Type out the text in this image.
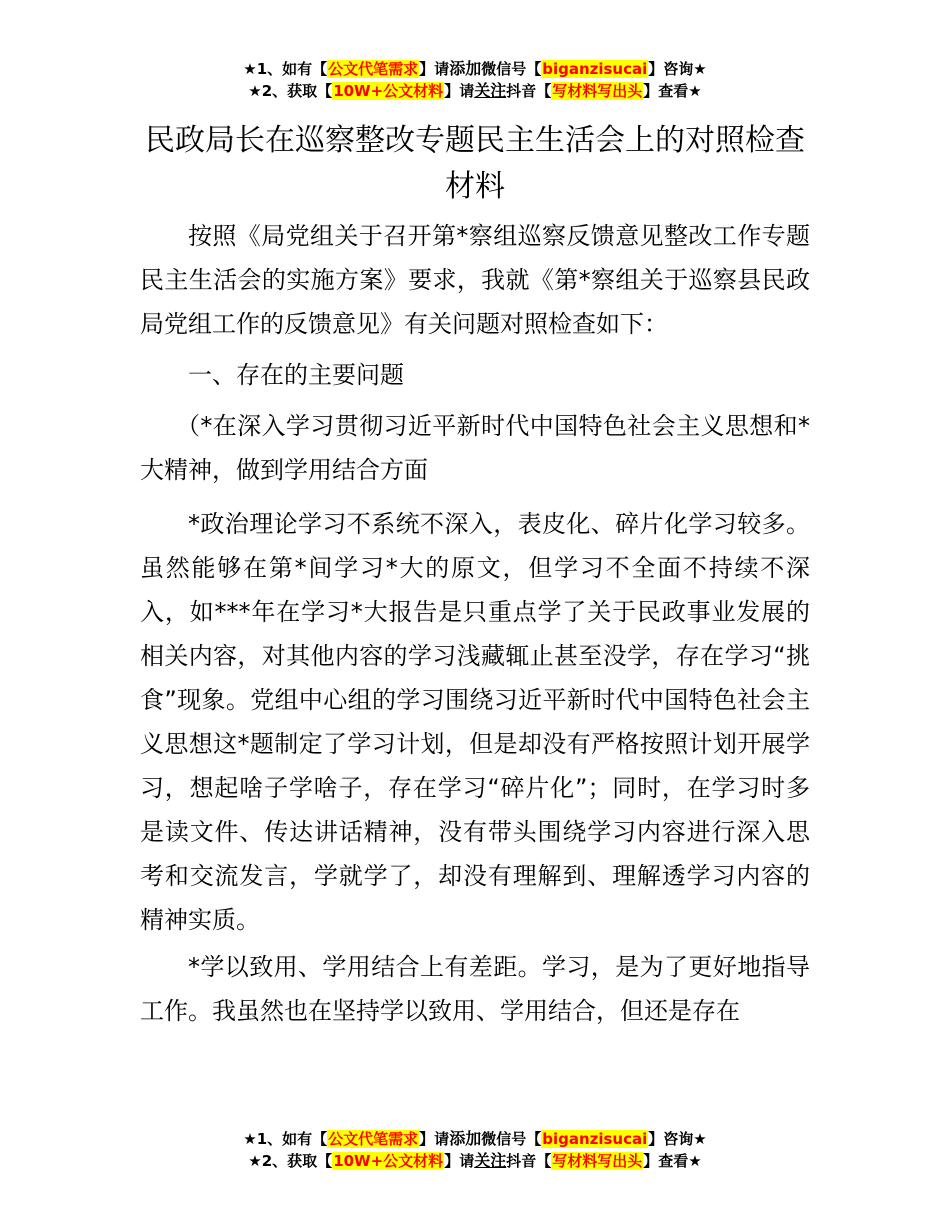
★1、如有【公文代笔需求】请添加微信号【biganzisucai】咨询★
★2、获取【10W+公文材料】请关注抖音【写材料写出头】查看★
民政局长在巡察整改专题民主生活会上的对照检查材料
按照《局党组关于召开第*察组巡察反馈意见整改工作专题民主生活会的实施方案》要求，我就《第*察组关于巡察县民政局党组工作的反馈意见》有关问题对照检查如下：
一、存在的主要问题
（*在深入学习贯彻习近平新时代中国特色社会主义思想和*大精神，做到学用结合方面
*政治理论学习不系统不深入，表皮化、碎片化学习较多。虽然能够在第*间学习*大的原文，但学习不全面不持续不深入，如***年在学习*大报告是只重点学了关于民政事业发展的相关内容，对其他内容的学习浅藏辄止甚至没学，存在学习“挑食”现象。党组中心组的学习围绕习近平新时代中国特色社会主义思想这*题制定了学习计划，但是却没有严格按照计划开展学习，想起啥子学啥子，存在学习“碎片化”；同时，在学习时多是读文件、传达讲话精神，没有带头围绕学习内容进行深入思考和交流发言，学就学了，却没有理解到、理解透学习内容的精神实质。
*学以致用、学用结合上有差距。学习，是为了更好地指导工作。我虽然也在坚持学以致用、学用结合，但还是存在
★1、如有【公文代笔需求】请添加微信号【biganzisucai】咨询★
★2、获取【10W+公文材料】请关注抖音【写材料写出头】查看★
